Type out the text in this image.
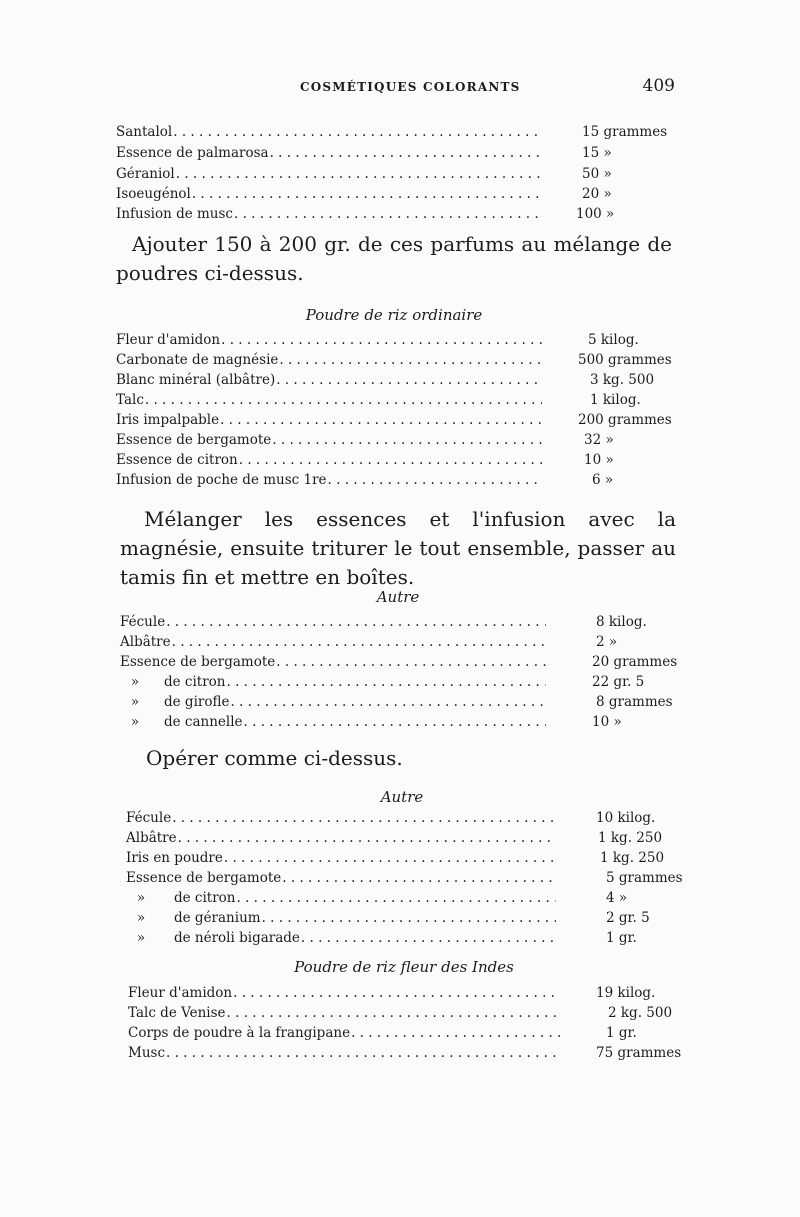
COSMÉTIQUES COLORANTS	409
Santalol . . .	15 grammes
Essence de palmarosa . . .	15 »
Géraniol . . .	50 »
Isoeugénol . . .	20 »
Infusion de musc . . .	100 »

Ajouter 150 à 200 gr. de ces parfums au mélange de poudres ci-dessus.

Poudre de riz ordinaire
Fleur d'amidon . . .	5 kilog.
Carbonate de magnésie . . .	500 grammes
Blanc minéral (albâtre) . . .	3 kg. 500
Talc . . .	1 kilog.
Iris impalpable . . .	200 grammes
Essence de bergamote . . .	32 »
Essence de citron . . .	10 »
Infusion de poche de musc 1re . . .	6 »

Mélanger les essences et l'infusion avec la magnésie, ensuite triturer le tout ensemble, passer au tamis fin et mettre en boîtes.

Autre
Fécule . . .	8 kilog.
Albâtre . . .	2 »
Essence de bergamote . . .	20 grammes
»	de citron . . .	22 gr. 5
»	de girofle . . .	8 grammes
»	de cannelle . . .	10 »

Opérer comme ci-dessus.

Autre
Fécule . . .	10 kilog.
Albâtre . . .	1 kg. 250
Iris en poudre . . .	1 kg. 250
Essence de bergamote . . .	5 grammes
»	de citron . . .	4 »
»	de géranium . . .	2 gr. 5
»	de néroli bigarade . . .	1 gr.
Poudre de riz fleur des Indes
Fleur d'amidon . . .	19 kilog.
Talc de Venise . . .	2 kg. 500
Corps de poudre à la frangipane . . .	1 gr.
Musc . . .	75 grammes
